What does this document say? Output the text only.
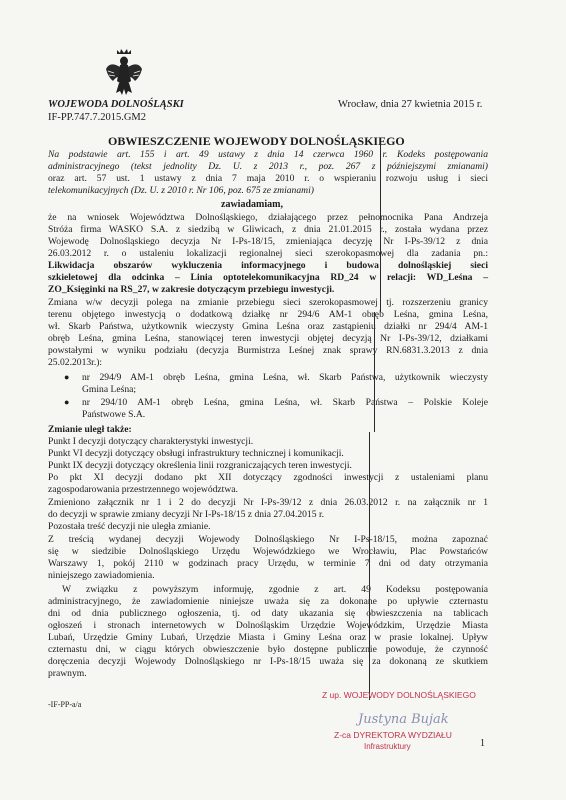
WOJEWODA DOLNOŚLĄSKI
IF-PP.747.7.2015.GM2
Wrocław, dnia 27 kwietnia 2015 r.
OBWIESZCZENIE WOJEWODY DOLNOŚLĄSKIEGO
Na podstawie art. 155 i art. 49 ustawy z dnia 14 czerwca 1960 r. Kodeks postępowania
administracyjnego (tekst jednolity Dz. U. z 2013 r., poz. 267 z późniejszymi zmianami)
oraz art. 57 ust. 1 ustawy z dnia 7 maja 2010 r. o wspieraniu rozwoju usług i sieci
telekomunikacyjnych (Dz. U. z 2010 r. Nr 106, poz. 675 ze zmianami)
zawiadamiam,
że na wniosek Województwa Dolnośląskiego, działającego przez pełnomocnika Pana Andrzeja
Stróża firma WASKO S.A. z siedzibą w Gliwicach, z dnia 21.01.2015 r., została wydana przez
Wojewodę Dolnośląskiego decyzja Nr I-Ps-18/15, zmieniająca decyzję Nr I-Ps-39/12 z dnia
26.03.2012 r. o ustaleniu lokalizacji regionalnej sieci szerokopasmowej dla zadania pn.:
Likwidacja obszarów wykluczenia informacyjnego i budowa dolnośląskiej sieci
szkieletowej dla odcinka – Linia optotelekomunikacyjna RD_24 w relacji: WD_Leśna –
ZO_Księginki na RS_27, w zakresie dotyczącym przebiegu inwestycji.
Zmiana w/w decyzji polega na zmianie przebiegu sieci szerokopasmowej tj. rozszerzeniu granicy
terenu objętego inwestycją o dodatkową działkę nr 294/6 AM-1 obręb Leśna, gmina Leśna,
wł. Skarb Państwa, użytkownik wieczysty Gmina Leśna oraz zastąpieniu działki nr 294/4 AM-1
obręb Leśna, gmina Leśna, stanowiącej teren inwestycji objętej decyzją Nr I-Ps-39/12, działkami
powstałymi w wyniku podziału (decyzja Burmistrza Leśnej znak sprawy RN.6831.3.2013 z dnia
25.02.2013r.):
● nr 294/9 AM-1 obręb Leśna, gmina Leśna, wł. Skarb Państwa, użytkownik wieczysty
Gmina Leśna;
● nr 294/10 AM-1 obręb Leśna, gmina Leśna, wł. Skarb Państwa – Polskie Koleje
Państwowe S.A.
Zmianie uległ także:
Punkt I decyzji dotyczący charakterystyki inwestycji.
Punkt VI decyzji dotyczący obsługi infrastruktury technicznej i komunikacji.
Punkt IX decyzji dotyczący określenia linii rozgraniczających teren inwestycji.
Po pkt XI decyzji dodano pkt XII dotyczący zgodności inwestycji z ustaleniami planu
zagospodarowania przestrzennego województwa.
Zmieniono załącznik nr 1 i 2 do decyzji Nr I-Ps-39/12 z dnia 26.03.2012 r. na załącznik nr 1
do decyzji w sprawie zmiany decyzji Nr I-Ps-18/15 z dnia 27.04.2015 r.
Pozostała treść decyzji nie uległa zmianie.
Z treścią wydanej decyzji Wojewody Dolnośląskiego Nr I-Ps-18/15, można zapoznać
się w siedzibie Dolnośląskiego Urzędu Wojewódzkiego we Wrocławiu, Plac Powstańców
Warszawy 1, pokój 2110 w godzinach pracy Urzędu, w terminie 7 dni od daty otrzymania
niniejszego zawiadomienia.
W związku z powyższym informuję, zgodnie z art. 49 Kodeksu postępowania
administracyjnego, że zawiadomienie niniejsze uważa się za dokonane po upływie czternastu
dni od dnia publicznego ogłoszenia, tj. od daty ukazania się obwieszczenia na tablicach
ogłoszeń i stronach internetowych w Dolnośląskim Urzędzie Wojewódzkim, Urzędzie Miasta
Lubań, Urzędzie Gminy Lubań, Urzędzie Miasta i Gminy Leśna oraz w prasie lokalnej. Upływ
czternastu dni, w ciągu których obwieszczenie było dostępne publicznie powoduje, że czynność
doręczenia decyzji Wojewody Dolnośląskiego nr I-Ps-18/15 uważa się za dokonaną ze skutkiem
prawnym.
-IF-PP-a/a
1
Z up. WOJEWODY DOLNOŚLĄSKIEGO
Justyna Bujak
Z-ca DYREKTORA WYDZIAŁU
Infrastruktury
